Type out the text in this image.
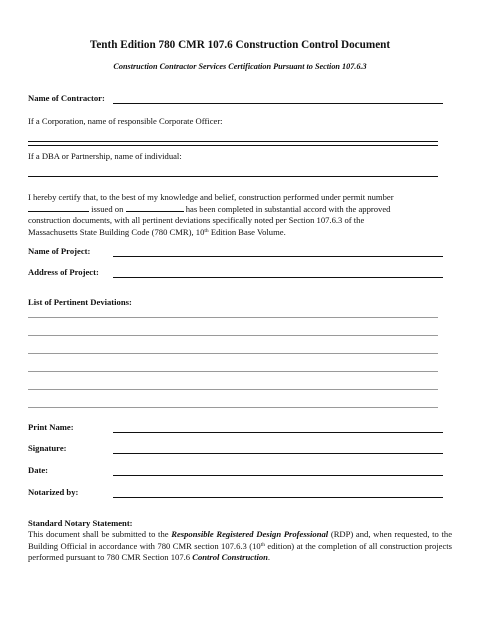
Tenth Edition 780 CMR 107.6 Construction Control Document
Construction Contractor Services Certification Pursuant to Section 107.6.3
Name of Contractor:
If a Corporation, name of responsible Corporate Officer:
If a DBA or Partnership, name of individual:
I hereby certify that, to the best of my knowledge and belief, construction performed under permit number
issued on	has been completed in substantial accord with the approved
construction documents, with all pertinent deviations specifically noted per Section 107.6.3 of the
Massachusetts State Building Code (780 CMR), 10th Edition Base Volume.
Name of Project:
Address of Project:
List of Pertinent Deviations:
Print Name:
Signature:
Date:
Notarized by:
Standard Notary Statement:
This document shall be submitted to the Responsible Registered Design Professional (RDP) and, when requested, to the Building Official in accordance with 780 CMR section 107.6.3 (10th edition) at the completion of all construction projects performed pursuant to 780 CMR Section 107.6 Control Construction.
